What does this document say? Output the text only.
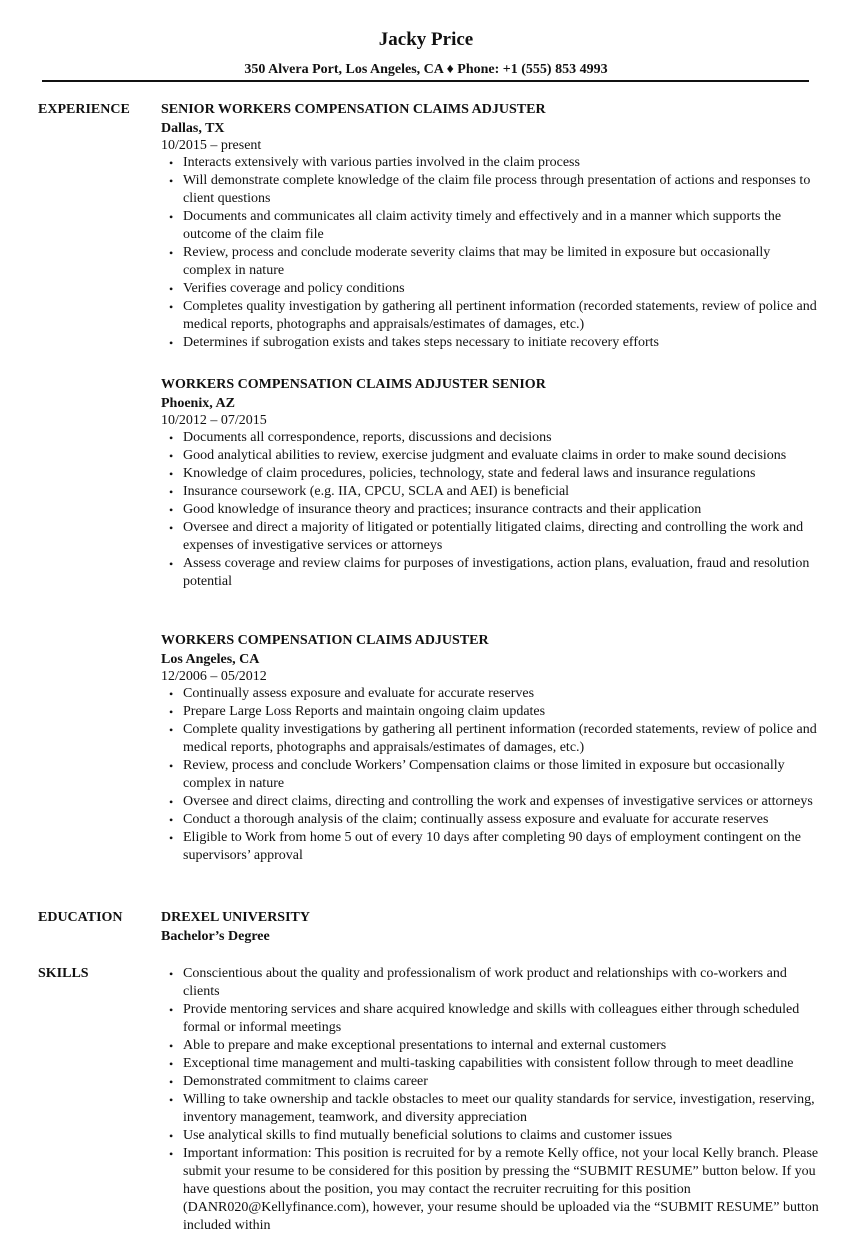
Jacky Price
350 Alvera Port, Los Angeles, CA ♦ Phone: +1 (555) 853 4993
EXPERIENCE SENIOR WORKERS COMPENSATION CLAIMS ADJUSTER
Dallas, TX
10/2015 – present
• Interacts extensively with various parties involved in the claim process
• Will demonstrate complete knowledge of the claim file process through presentation of actions and responses to client questions
• Documents and communicates all claim activity timely and effectively and in a manner which supports the outcome of the claim file
• Review, process and conclude moderate severity claims that may be limited in exposure but occasionally complex in nature
• Verifies coverage and policy conditions
• Completes quality investigation by gathering all pertinent information (recorded statements, review of police and medical reports, photographs and appraisals/estimates of damages, etc.)
• Determines if subrogation exists and takes steps necessary to initiate recovery efforts
WORKERS COMPENSATION CLAIMS ADJUSTER SENIOR
Phoenix, AZ
10/2012 – 07/2015
• Documents all correspondence, reports, discussions and decisions
• Good analytical abilities to review, exercise judgment and evaluate claims in order to make sound decisions
• Knowledge of claim procedures, policies, technology, state and federal laws and insurance regulations
• Insurance coursework (e.g. IIA, CPCU, SCLA and AEI) is beneficial
• Good knowledge of insurance theory and practices; insurance contracts and their application
• Oversee and direct a majority of litigated or potentially litigated claims, directing and controlling the work and expenses of investigative services or attorneys
• Assess coverage and review claims for purposes of investigations, action plans, evaluation, fraud and resolution potential
WORKERS COMPENSATION CLAIMS ADJUSTER
Los Angeles, CA
12/2006 – 05/2012
• Continually assess exposure and evaluate for accurate reserves
• Prepare Large Loss Reports and maintain ongoing claim updates
• Complete quality investigations by gathering all pertinent information (recorded statements, review of police and medical reports, photographs and appraisals/estimates of damages, etc.)
• Review, process and conclude Workers’ Compensation claims or those limited in exposure but occasionally complex in nature
• Oversee and direct claims, directing and controlling the work and expenses of investigative services or attorneys
• Conduct a thorough analysis of the claim; continually assess exposure and evaluate for accurate reserves
• Eligible to Work from home 5 out of every 10 days after completing 90 days of employment contingent on the supervisors’ approval
EDUCATION	DREXEL UNIVERSITY
Bachelor’s Degree
SKILLS
•	Conscientious about the quality and professionalism of work product and relationships with co-workers and clients
• Provide mentoring services and share acquired knowledge and skills with colleagues either through scheduled formal or informal meetings
• Able to prepare and make exceptional presentations to internal and external customers
• Exceptional time management and multi-tasking capabilities with consistent follow through to meet deadline
• Demonstrated commitment to claims career
• Willing to take ownership and tackle obstacles to meet our quality standards for service, investigation, reserving, inventory management, teamwork, and diversity appreciation
• Use analytical skills to find mutually beneficial solutions to claims and customer issues
• Important information: This position is recruited for by a remote Kelly office, not your local Kelly branch. Please submit your resume to be considered for this position by pressing the “SUBMIT RESUME” button below. If you have questions about the position, you may contact the recruiter recruiting for this position (DANR020@Kellyfinance.com), however, your resume should be uploaded via the “SUBMIT RESUME” button included within
